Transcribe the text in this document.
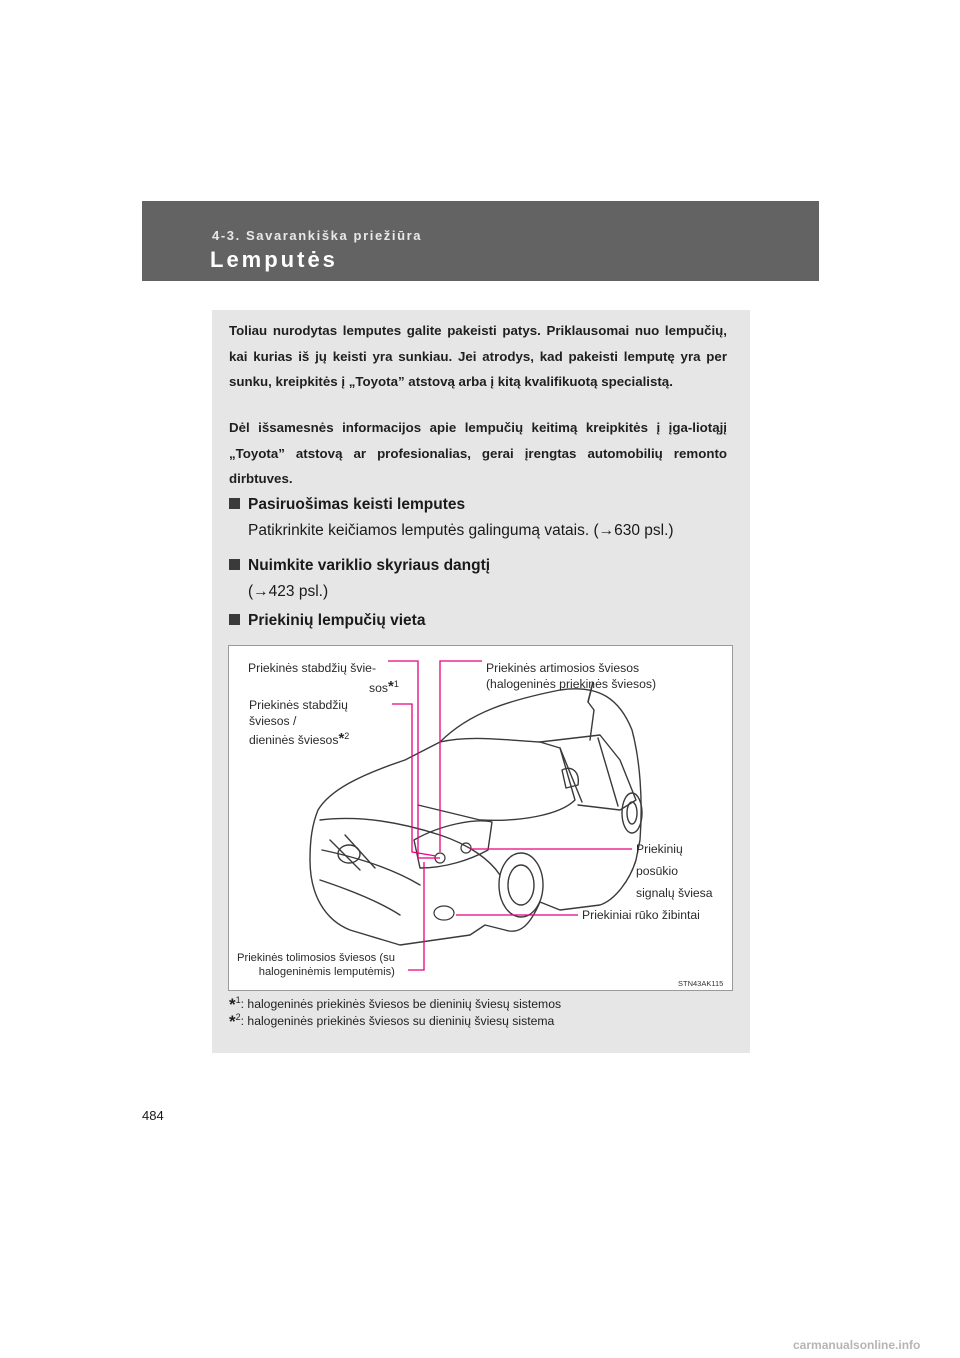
4-3. Savarankiška priežiūra
Lemputės

Toliau nurodytas lemputes galite pakeisti patys. Priklausomai nuo lempučių, kai kurias iš jų keisti yra sunkiau. Jei atrodys, kad pakeisti lemputę yra per sunku, kreipkitės į „Toyota” atstovą arba į kitą kvalifikuotą specialistą.

Dėl išsamesnės informacijos apie lempučių keitimą kreipkitės į įga-liotąjį „Toyota” atstovą ar profesionalias, gerai įrengtas automobilių remonto dirbtuves.

Pasiruošimas keisti lemputes
Patikrinkite keičiamos lemputės galingumą vatais. (→630 psl.)
Nuimkite variklio skyriaus dangtį
(→423 psl.)
Priekinių lempučių vieta
Priekinės stabdžių švie-
sos*$^1$
Priekinės stabdžių
šviesos /
dieninės šviesos*$^2$
Priekinės artimosios šviesos
(halogeninės priekinės šviesos)
Priekinių
posūkio
signalų šviesa
Priekiniai rūko žibintai
Priekinės tolimosios šviesos (su
halogeninėmis lemputėmis)
STN43AK115
*$^1$: halogeninės priekinės šviesos be dieninių šviesų sistemos
*$^2$: halogeninės priekinės šviesos su dieninių šviesų sistema
484
carmanualsonline.info
